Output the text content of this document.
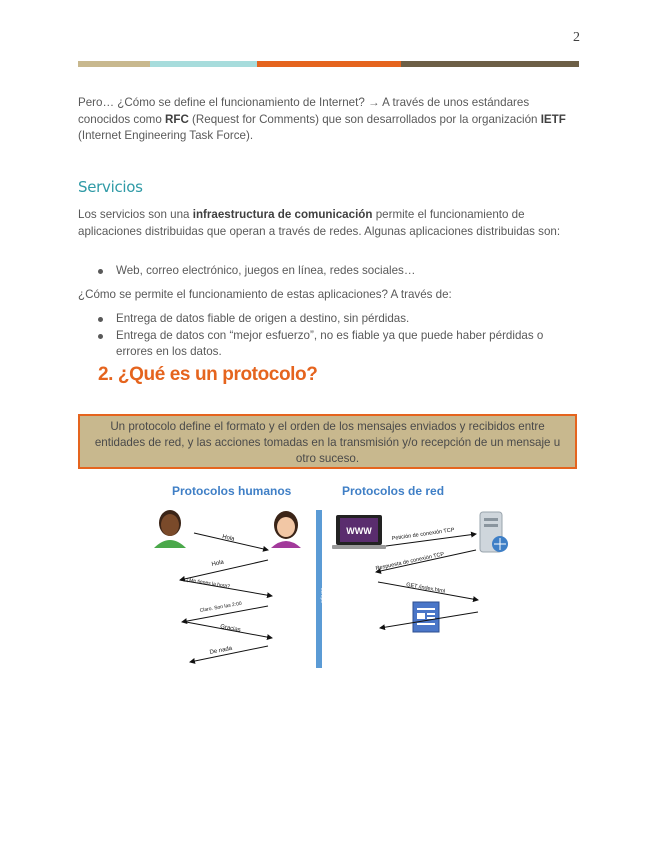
2
Pero… ¿Cómo se define el funcionamiento de Internet? → A través de unos estándares conocidos como RFC (Request for Comments) que son desarrollados por la organización IETF (Internet Engineering Task Force).
Servicios
Los servicios son una infraestructura de comunicación permite el funcionamiento de aplicaciones distribuidas que operan a través de redes. Algunas aplicaciones distribuidas son:
Web, correo electrónico, juegos en línea, redes sociales…
¿Cómo se permite el funcionamiento de estas aplicaciones? A través de:
Entrega de datos fiable de origen a destino, sin pérdidas.
Entrega de datos con “mejor esfuerzo”, no es fiable ya que puede haber pérdidas o errores en los datos.
2. ¿Qué es un protocolo?
Un protocolo define el formato y el orden de los mensajes enviados y recibidos entre entidades de red, y las acciones tomadas en la transmisión y/o recepción de un mensaje u otro suceso.
Protocolos humanos	Protocolos de red
tiempo
WWW
Hola
Hola
¿Me tienes la hora?
Claro. Son las 2:00
Gracias
De nada
Petición de conexión TCP
Respuesta de conexión TCP
GET /index.html
